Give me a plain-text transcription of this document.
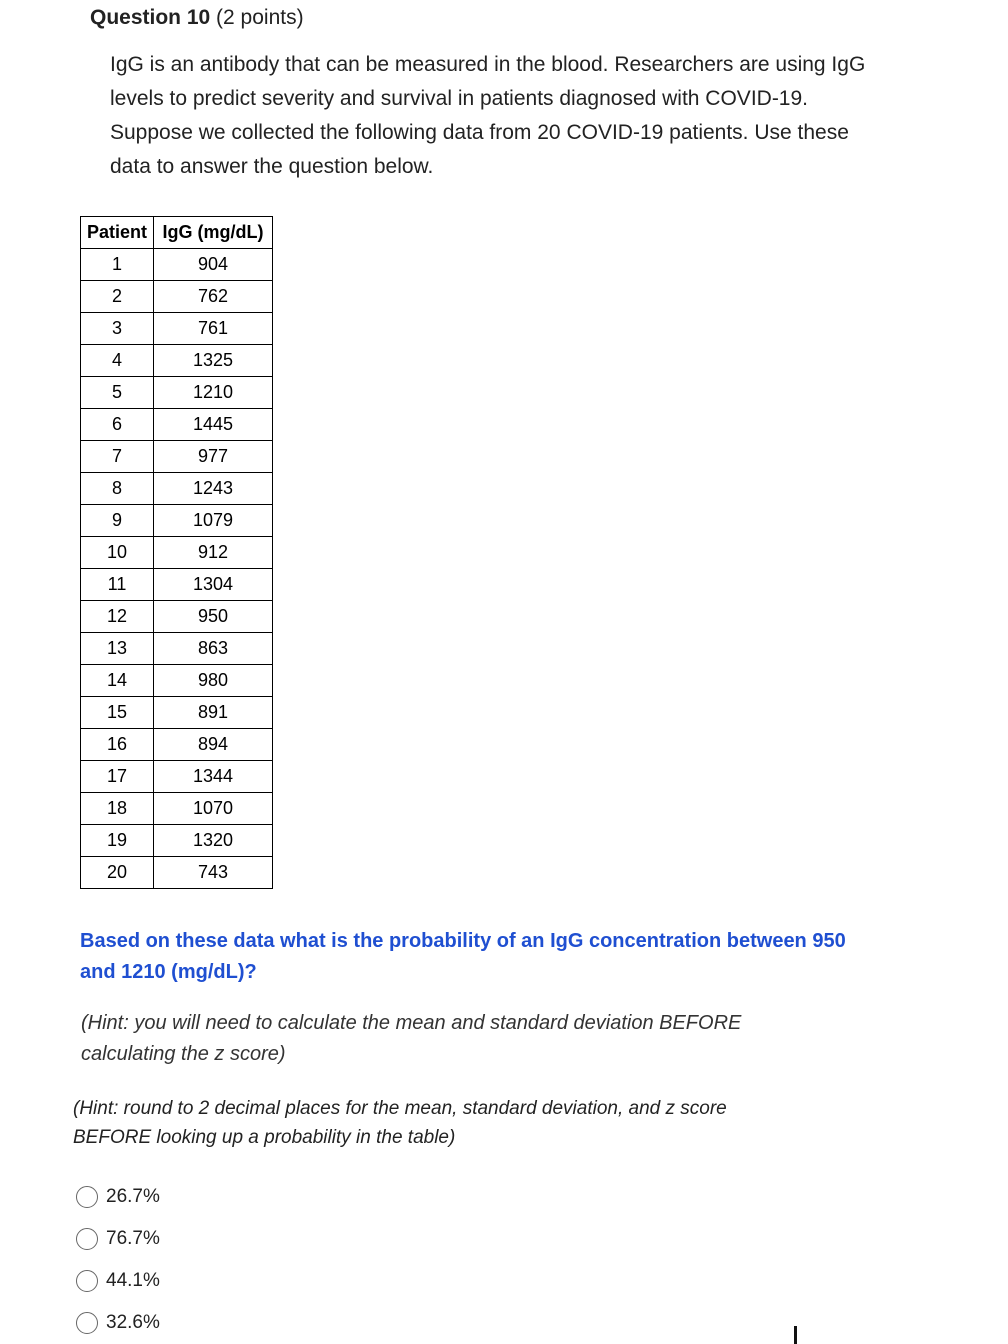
Question 10 (2 points)
IgG is an antibody that can be measured in the blood. Researchers are using IgG
levels to predict severity and survival in patients diagnosed with COVID-19.
Suppose we collected the following data from 20 COVID-19 patients. Use these
data to answer the question below.
Patient	IgG (mg/dL)
1	904
2	762
3	761
4	1325
5	1210
6	1445
7	977
8	1243
9	1079
10	912
11	1304
12	950
13	863
14	980
15	891
16	894
17	1344
18	1070
19	1320
20	743
Based on these data what is the probability of an IgG concentration between 950
and 1210 (mg/dL)?
(Hint: you will need to calculate the mean and standard deviation BEFORE
calculating the z score)
(Hint: round to 2 decimal places for the mean, standard deviation, and z score
BEFORE looking up a probability in the table)
26.7%
76.7%
44.1%
32.6%
